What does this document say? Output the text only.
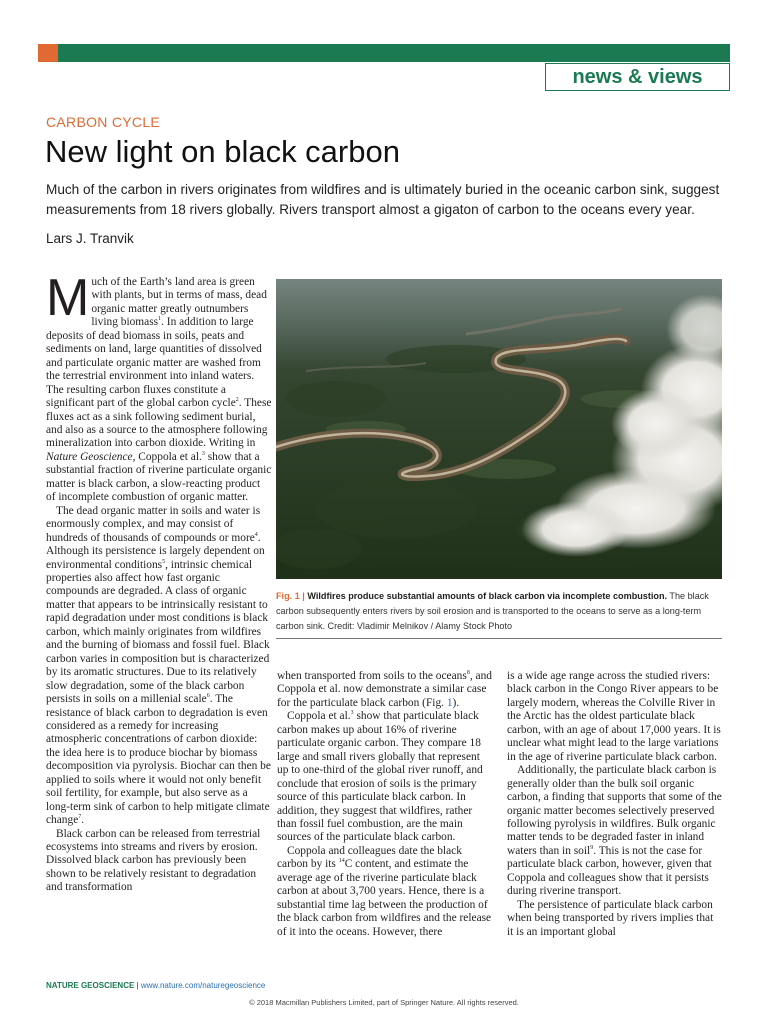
news & views
CARBON CYCLE
New light on black carbon

Much of the carbon in rivers originates from wildfires and is ultimately buried in the oceanic carbon sink, suggest measurements from 18 rivers globally. Rivers transport almost a gigaton of carbon to the oceans every year.

Lars J. Tranvik

Much of the Earth’s land area is green with plants, but in terms of mass, dead organic matter greatly outnumbers living biomass$^1$. In addition to large deposits of dead biomass in soils, peats and sediments on land, large quantities of dissolved and particulate organic matter are washed from the terrestrial environment into inland waters. The resulting carbon fluxes constitute a significant part of the global carbon cycle$^2$. These fluxes act as a sink following sediment burial, and also as a source to the atmosphere following mineralization into carbon dioxide. Writing in Nature Geoscience, Coppola et al.$^3$ show that a substantial fraction of riverine particulate organic matter is black carbon, a slow-reacting product of incomplete combustion of organic matter.

The dead organic matter in soils and water is enormously complex, and may consist of hundreds of thousands of compounds or more$^4$. Although its persistence is largely dependent on environmental conditions$^5$, intrinsic chemical properties also affect how fast organic compounds are degraded. A class of organic matter that appears to be intrinsically resistant to rapid degradation under most conditions is black carbon, which mainly originates from wildfires and the burning of biomass and fossil fuel. Black carbon varies in composition but is characterized by its aromatic structures. Due to its relatively slow degradation, some of the black carbon persists in soils on a millenial scale$^6$. The resistance of black carbon to degradation is even considered as a remedy for increasing atmospheric concentrations of carbon dioxide: the idea here is to produce biochar by biomass decomposition via pyrolysis. Biochar can then be applied to soils where it would not only benefit soil fertility, for example, but also serve as a long-term sink of carbon to help mitigate climate change$^7$.

Black carbon can be released from terrestrial ecosystems into streams and rivers by erosion. Dissolved black carbon has previously been shown to be relatively resistant to degradation and transformation

Fig. 1 | Wildfires produce substantial amounts of black carbon via incomplete combustion. The black carbon subsequently enters rivers by soil erosion and is transported to the oceans to serve as a long-term carbon sink. Credit: Vladimir Melnikov / Alamy Stock Photo

when transported from soils to the oceans$^8$, and Coppola et al. now demonstrate a similar case for the particulate black carbon (Fig. 1).

Coppola et al.$^3$ show that particulate black carbon makes up about 16% of riverine particulate organic carbon. They compare 18 large and small rivers globally that represent up to one-third of the global river runoff, and conclude that erosion of soils is the primary source of this particulate black carbon. In addition, they suggest that wildfires, rather than fossil fuel combustion, are the main sources of the particulate black carbon.

Coppola and colleagues date the black carbon by its $^{14}$C content, and estimate the average age of the riverine particulate black carbon at about 3,700 years. Hence, there is a substantial time lag between the production of the black carbon from wildfires and the release of it into the oceans. However, there

is a wide age range across the studied rivers: black carbon in the Congo River appears to be largely modern, whereas the Colville River in the Arctic has the oldest particulate black carbon, with an age of about 17,000 years. It is unclear what might lead to the large variations in the age of riverine particulate black carbon.

Additionally, the particulate black carbon is generally older than the bulk soil organic carbon, a finding that supports that some of the organic matter becomes selectively preserved following pyrolysis in wildfires. Bulk organic matter tends to be degraded faster in inland waters than in soil$^9$. This is not the case for particulate black carbon, however, given that Coppola and colleagues show that it persists during riverine transport.

The persistence of particulate black carbon when being transported by rivers implies that it is an important global

NATURE GEOSCIENCE | www.nature.com/naturegeoscience
© 2018 Macmillan Publishers Limited, part of Springer Nature. All rights reserved.
